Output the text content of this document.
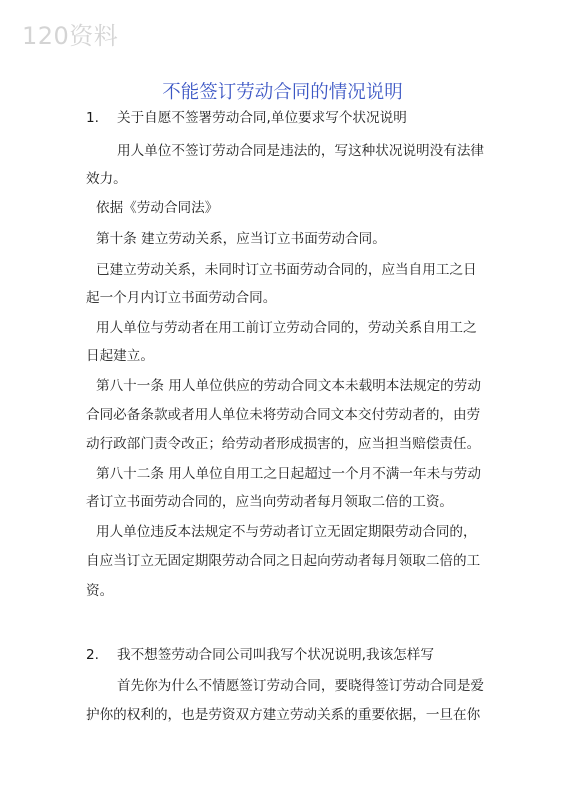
120资料
不能签订劳动合同的情况说明
1. 关于自愿不签署劳动合同,单位要求写个状况说明
用人单位不签订劳动合同是违法的，写这种状况说明没有法律
效力。
依据《劳动合同法》
第十条 建立劳动关系，应当订立书面劳动合同。
已建立劳动关系，未同时订立书面劳动合同的，应当自用工之日
起一个月内订立书面劳动合同。
用人单位与劳动者在用工前订立劳动合同的，劳动关系自用工之
日起建立。
第八十一条 用人单位供应的劳动合同文本未载明本法规定的劳动
合同必备条款或者用人单位未将劳动合同文本交付劳动者的，由劳
动行政部门责令改正；给劳动者形成损害的，应当担当赔偿责任。
第八十二条 用人单位自用工之日起超过一个月不满一年未与劳动
者订立书面劳动合同的，应当向劳动者每月领取二倍的工资。
用人单位违反本法规定不与劳动者订立无固定期限劳动合同的，
自应当订立无固定期限劳动合同之日起向劳动者每月领取二倍的工
资。
2. 我不想签劳动合同公司叫我写个状况说明,我该怎样写
首先你为什么不情愿签订劳动合同，要晓得签订劳动合同是爱
护你的权利的，也是劳资双方建立劳动关系的重要依据，一旦在你
